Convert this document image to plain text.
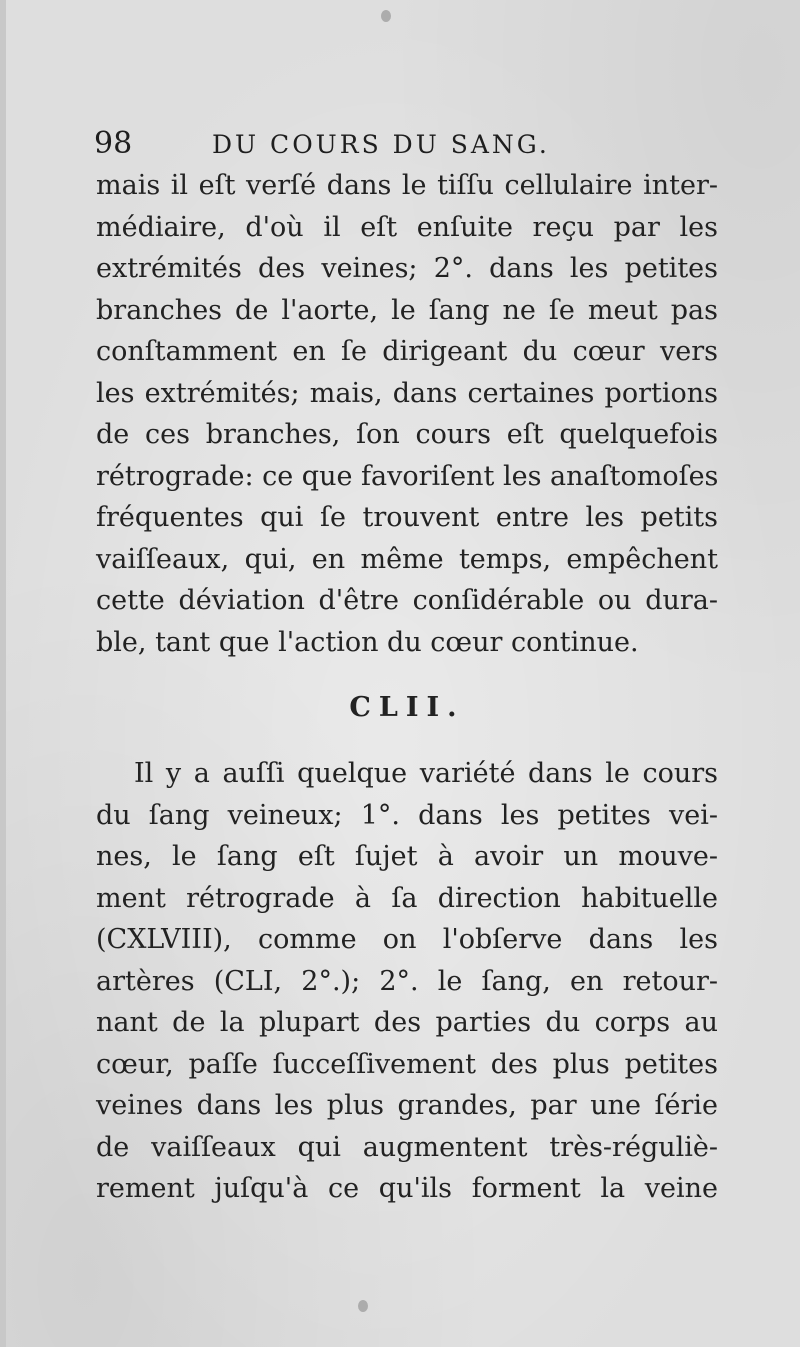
98	DU COURS DU SANG.
mais il eſt verſé dans le tiſſu cellulaire inter-
médiaire, d'où il eſt enſuite reçu par les
extrémités des veines; 2°. dans les petites
branches de l'aorte, le ſang ne ſe meut pas
conſtamment en ſe dirigeant du cœur vers
les extrémités; mais, dans certaines portions
de ces branches, ſon cours eſt quelquefois
rétrograde: ce que favoriſent les anaſtomoſes
fréquentes qui ſe trouvent entre les petits
vaiſſeaux, qui, en même temps, empêchent
cette déviation d'être conſidérable ou dura-
ble, tant que l'action du cœur continue.
CLII.
Il y a auſſi quelque variété dans le cours
du ſang veineux; 1°. dans les petites vei-
nes, le ſang eſt ſujet à avoir un mouve-
ment rétrograde à ſa direction habituelle
(CXLVIII), comme on l'obſerve dans les
artères (CLI, 2°.); 2°. le ſang, en retour-
nant de la plupart des parties du corps au
cœur, paſſe ſucceſſivement des plus petites
veines dans les plus grandes, par une ſérie
de vaiſſeaux qui augmentent très-réguliè-
rement juſqu'à ce qu'ils forment la veine
